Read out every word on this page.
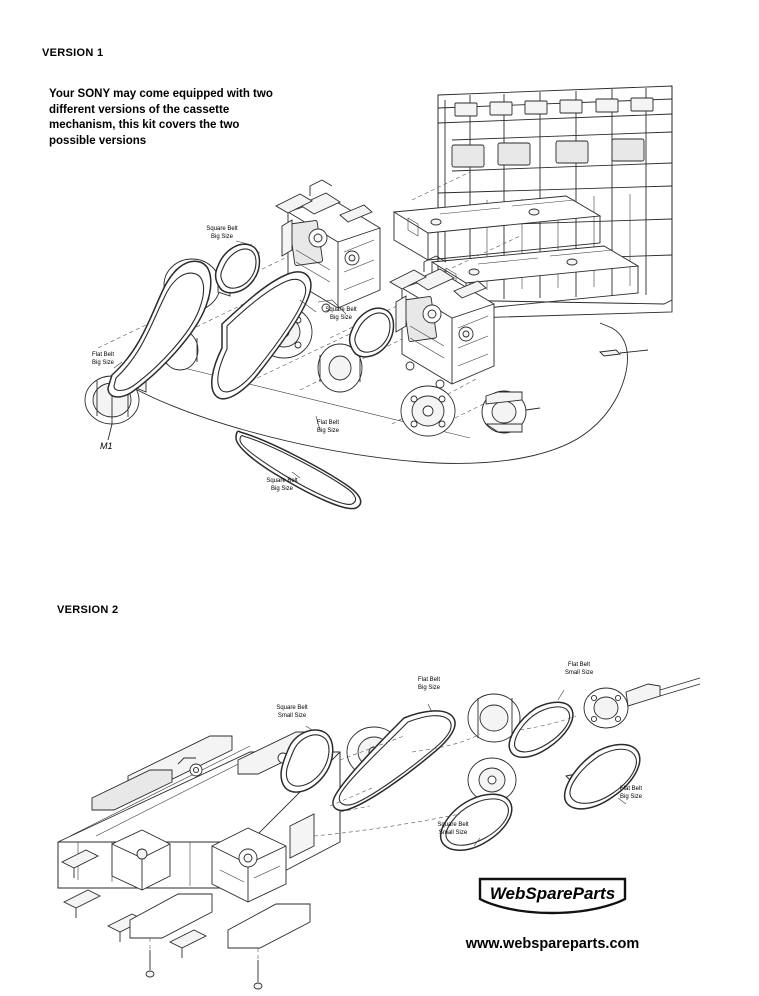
VERSION 1
Your SONY may come equipped with two different versions of the cassette mechanism, this kit covers the two possible versions
Square Belt
Big Size
Square Belt
Big Size
Flat Belt
Big Size
Flat Belt
Big Size
Square Belt
Big Size
M1
VERSION 2
Square Belt
Small Size
Flat Belt
Big Size
Flat Belt
Small Size
Flat Belt
Big Size
Square Belt
Small Size
WebSpareParts
www.webspareparts.com
